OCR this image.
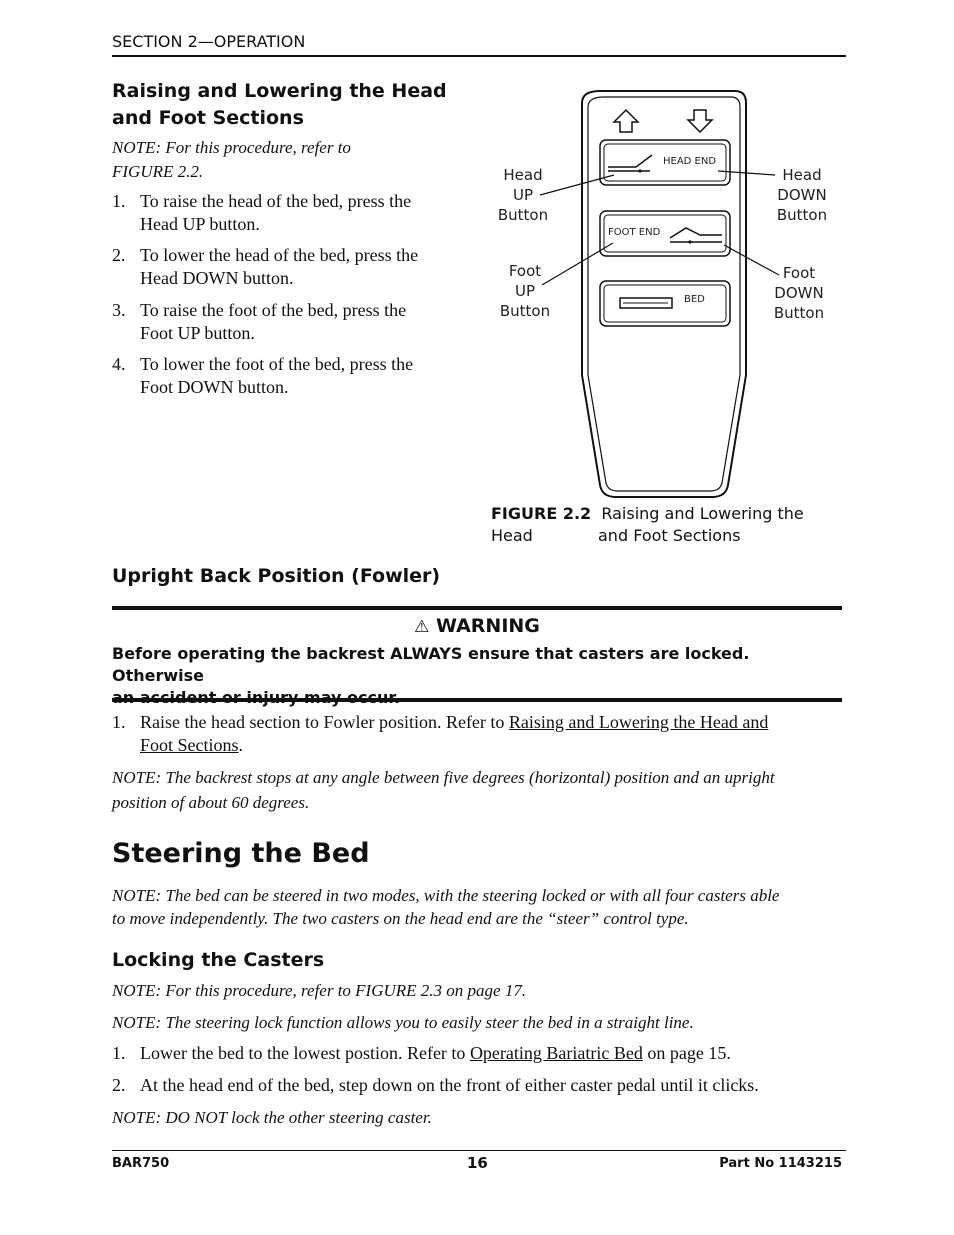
SECTION 2—OPERATION
Raising and Lowering the Head
and Foot Sections
NOTE: For this procedure, refer to
FIGURE 2.2.
1. To raise the head of the bed, press the
Head UP button.
2. To lower the head of the bed, press the
Head DOWN button.
3. To raise the foot of the bed, press the
Foot UP button.
4. To lower the foot of the bed, press the
Foot DOWN button.
HEAD END
FOOT END
BED
Head
UP
Button
Head
DOWN
Button
Foot
UP
Button
Foot
DOWN
Button
FIGURE 2.2 Raising and Lowering the Head	and Foot Sections
Upright Back Position (Fowler)
⚠ WARNING
Before operating the backrest ALWAYS ensure that casters are locked. Otherwise

1. Raise the head section to Fowler position. Refer to Raising and Lowering the Head and
Foot Sections.
NOTE: The backrest stops at any angle between five degrees (horizontal) position and an upright
position of about 60 degrees.
Steering the Bed
NOTE: The bed can be steered in two modes, with the steering locked or with all four casters able
to move independently. The two casters on the head end are the “steer” control type.
Locking the Casters
NOTE: For this procedure, refer to FIGURE 2.3 on page 17.
NOTE: The steering lock function allows you to easily steer the bed in a straight line.
1. Lower the bed to the lowest postion. Refer to Operating Bariatric Bed on page 15.
2. At the head end of the bed, step down on the front of either caster pedal until it clicks.
NOTE: DO NOT lock the other steering caster.
BAR750	16	Part No 1143215
